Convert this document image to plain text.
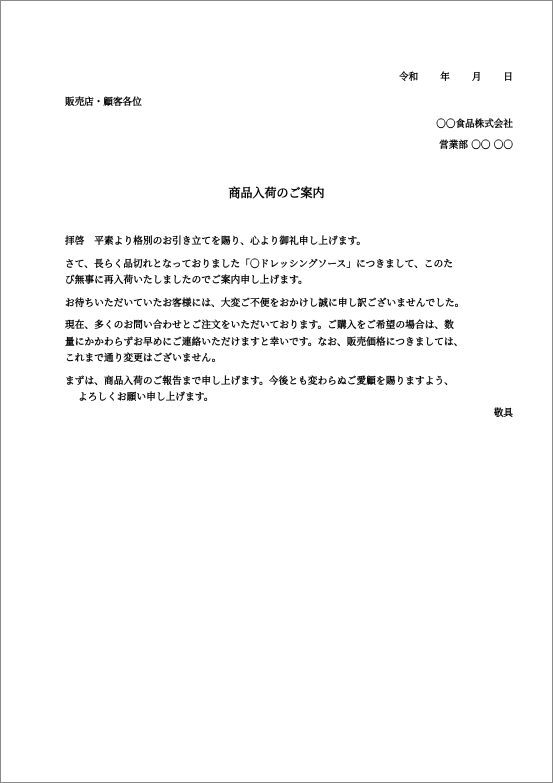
令和 年 月 日
販売店・顧客各位
〇〇食品株式会社
営業部 〇〇 〇〇
商品入荷のご案内

拝啓　平素より格別のお引き立てを賜り、心より御礼申し上げます。

さて、長らく品切れとなっておりました「〇ドレッシングソース」につきまして、このた
び無事に再入荷いたしましたのでご案内申し上げます。

お待ちいただいていたお客様には、大変ご不便をおかけし誠に申し訳ございませんでした。

現在、多くのお問い合わせとご注文をいただいております。ご購入をご希望の場合は、数
量にかかわらずお早めにご連絡いただけますと幸いです。なお、販売価格につきましては、
これまで通り変更はございません。

まずは、商品入荷のご報告まで申し上げます。今後とも変わらぬご愛顧を賜りますよう、
よろしくお願い申し上げます。

敬具
